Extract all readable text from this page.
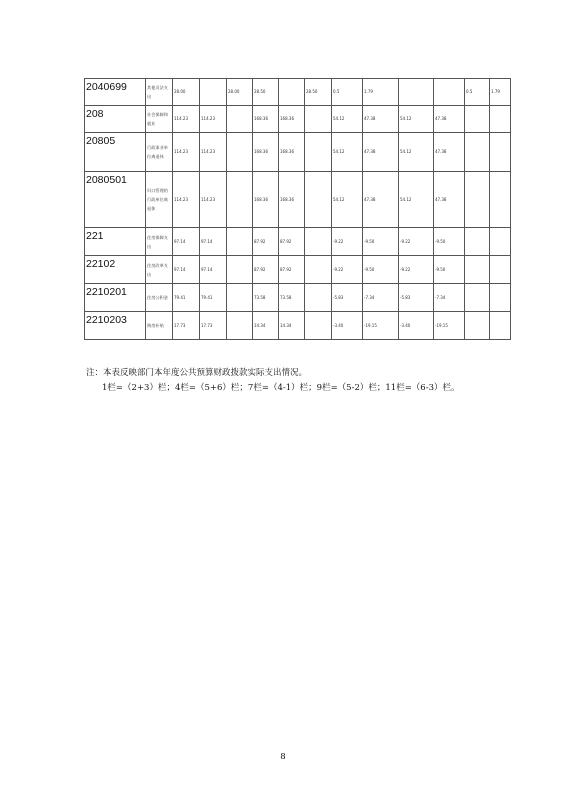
2040699	其他司法支出	28.00		28.00	28.50		28.50	0.5	1.79			0.5	1.79
208	社会保障和就业	114.23	114.23		168.36	168.36		54.12	47.38	54.12	47.38		
20805	行政事业单位离退休	114.23	114.23		168.36	168.36		54.12	47.38	54.12	47.38		
2080501	归口管理的行政单位离退休	114.23	114.23		168.36	168.36		54.12	47.38	54.12	47.38		
221	住房保障支出	97.14	97.14		87.92	87.92		-9.22	-9.50	-9.22	-9.50		
22102	住房改革支出	97.14	97.14		87.92	87.92		-9.22	-9.50	-9.22	-9.50		
2210201	住房公积金	79.41	79.41		73.58	73.58		-5.83	-7.34	-5.83	-7.34		
2210203	购房补贴	17.73	17.73		14.34	14.34		-3.40	-19.15	-3.40	-19.15		
注：本表反映部门本年度公共预算财政拨款实际支出情况。
1栏=（2+3）栏；4栏=（5+6）栏；7栏=（4-1）栏；9栏=（5-2）栏；11栏=（6-3）栏。
8
